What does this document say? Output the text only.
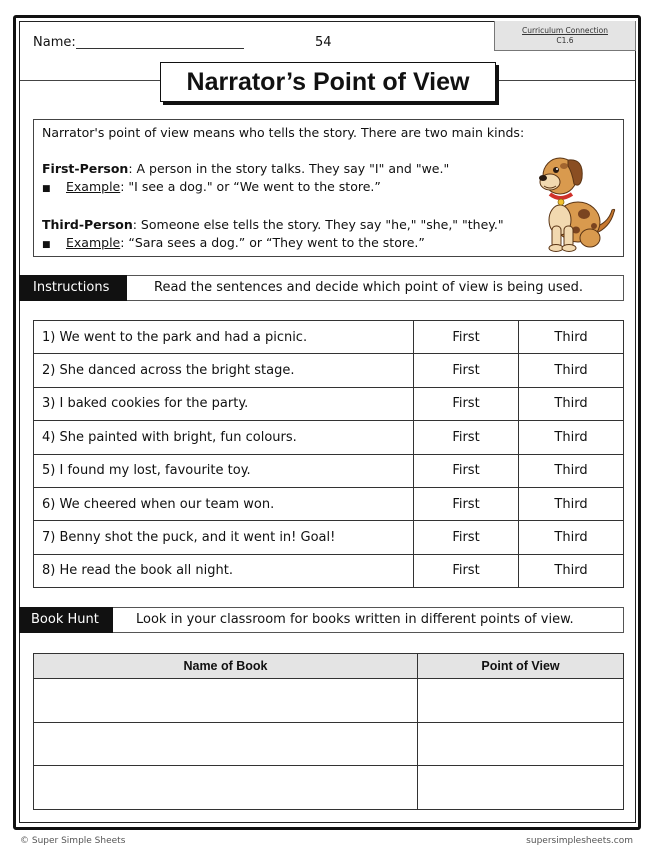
Name:	54
Curriculum Connection
C1.6
Narrator’s Point of View
Narrator's point of view means who tells the story. There are two main kinds:
First-Person: A person in the story talks. They say "I" and "we."
■ Example: "I see a dog." or “We went to the store.”
Third-Person: Someone else tells the story. They say "he," "she," "they."
■ Example: “Sara sees a dog.” or “They went to the store.”
Instructions	Read the sentences and decide which point of view is being used.
1) We went to the park and had a picnic.	First	Third
2) She danced across the bright stage.	First	Third
3) I baked cookies for the party.	First	Third
4) She painted with bright, fun colours.	First	Third
5) I found my lost, favourite toy.	First	Third
6) We cheered when our team won.	First	Third
7) Benny shot the puck, and it went in! Goal!	First	Third
8) He read the book all night.	First	Third
Book Hunt	Look in your classroom for books written in different points of view.
Name of Book	Point of View

© Super Simple Sheets	supersimplesheets.com
